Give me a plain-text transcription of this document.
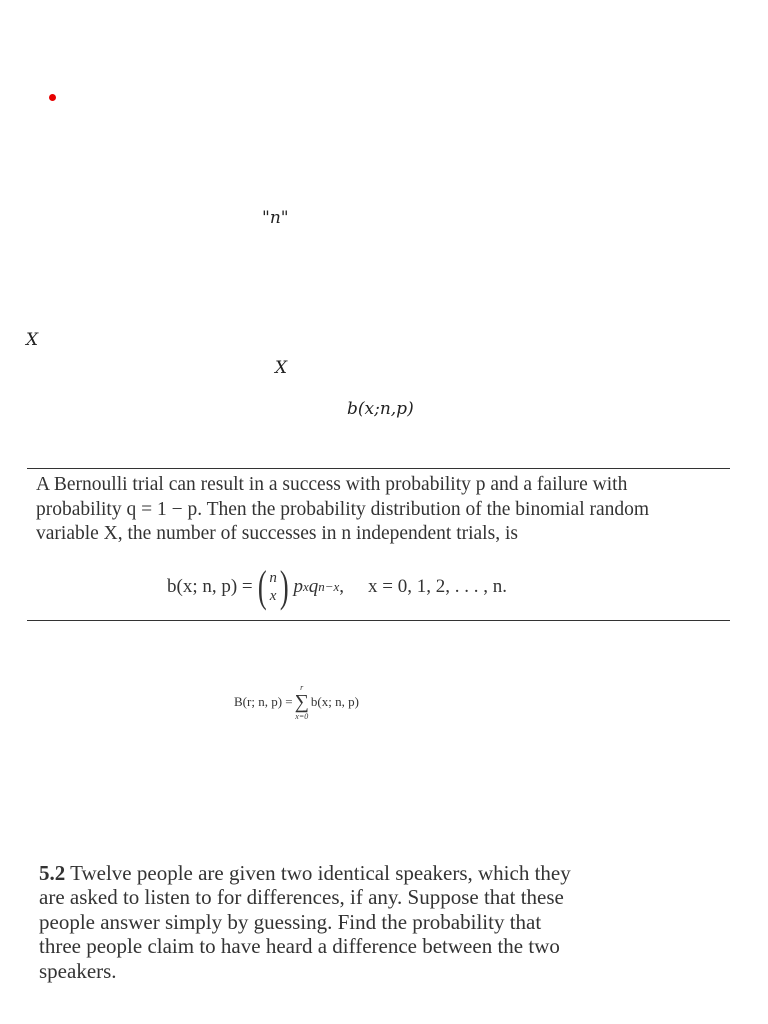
"n"
X
X
b(x;n,p)
A Bernoulli trial can result in a success with probability p and a failure with
probability q = 1 − p. Then the probability distribution of the binomial random
variable X, the number of successes in n independent trials, is
b(x; n, p) = ( n
x ) p x q n−x , x = 0, 1, 2, . . . , n.
B(r; n, p) =
r
∑
x=0
b(x; n, p)
5.2 Twelve people are given two identical speakers, which they are asked to listen to for differences, if any. Suppose that these people answer simply by guessing. Find the probability that three people claim to have heard a difference between the two speakers.
